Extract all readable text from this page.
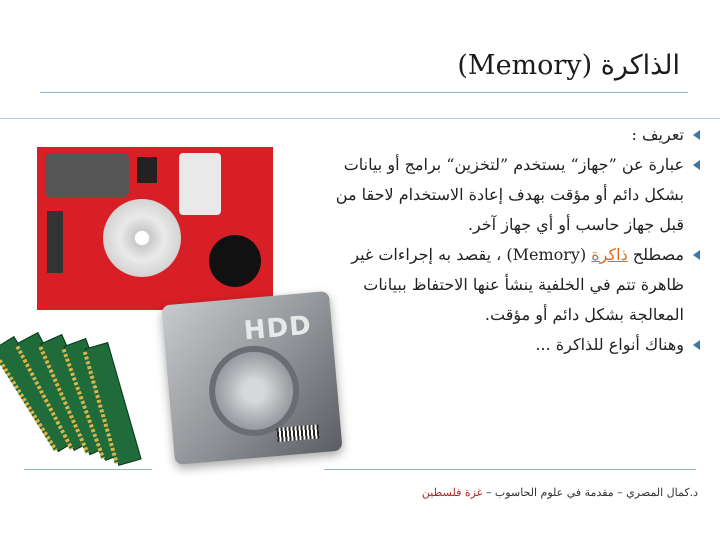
الذاكرة (Memory)
تعريف :
عبارة عن ”جهاز“ يستخدم ”لتخزين“ برامج أو بيانات بشكل دائم أو مؤقت بهدف إعادة الاستخدام لاحقا من قبل جهاز حاسب أو أي جهاز آخر.
مصطلح ذاكرة (Memory) ، يقصد به إجراءات غير ظاهرة تتم في الخلفية ينشأ عنها الاحتفاظ ببيانات المعالجة بشكل دائم أو مؤقت.
وهناك أنواع للذاكرة ...
HDD
د.كمال المصري – مقدمة في علوم الحاسوب – غزة فلسطين
